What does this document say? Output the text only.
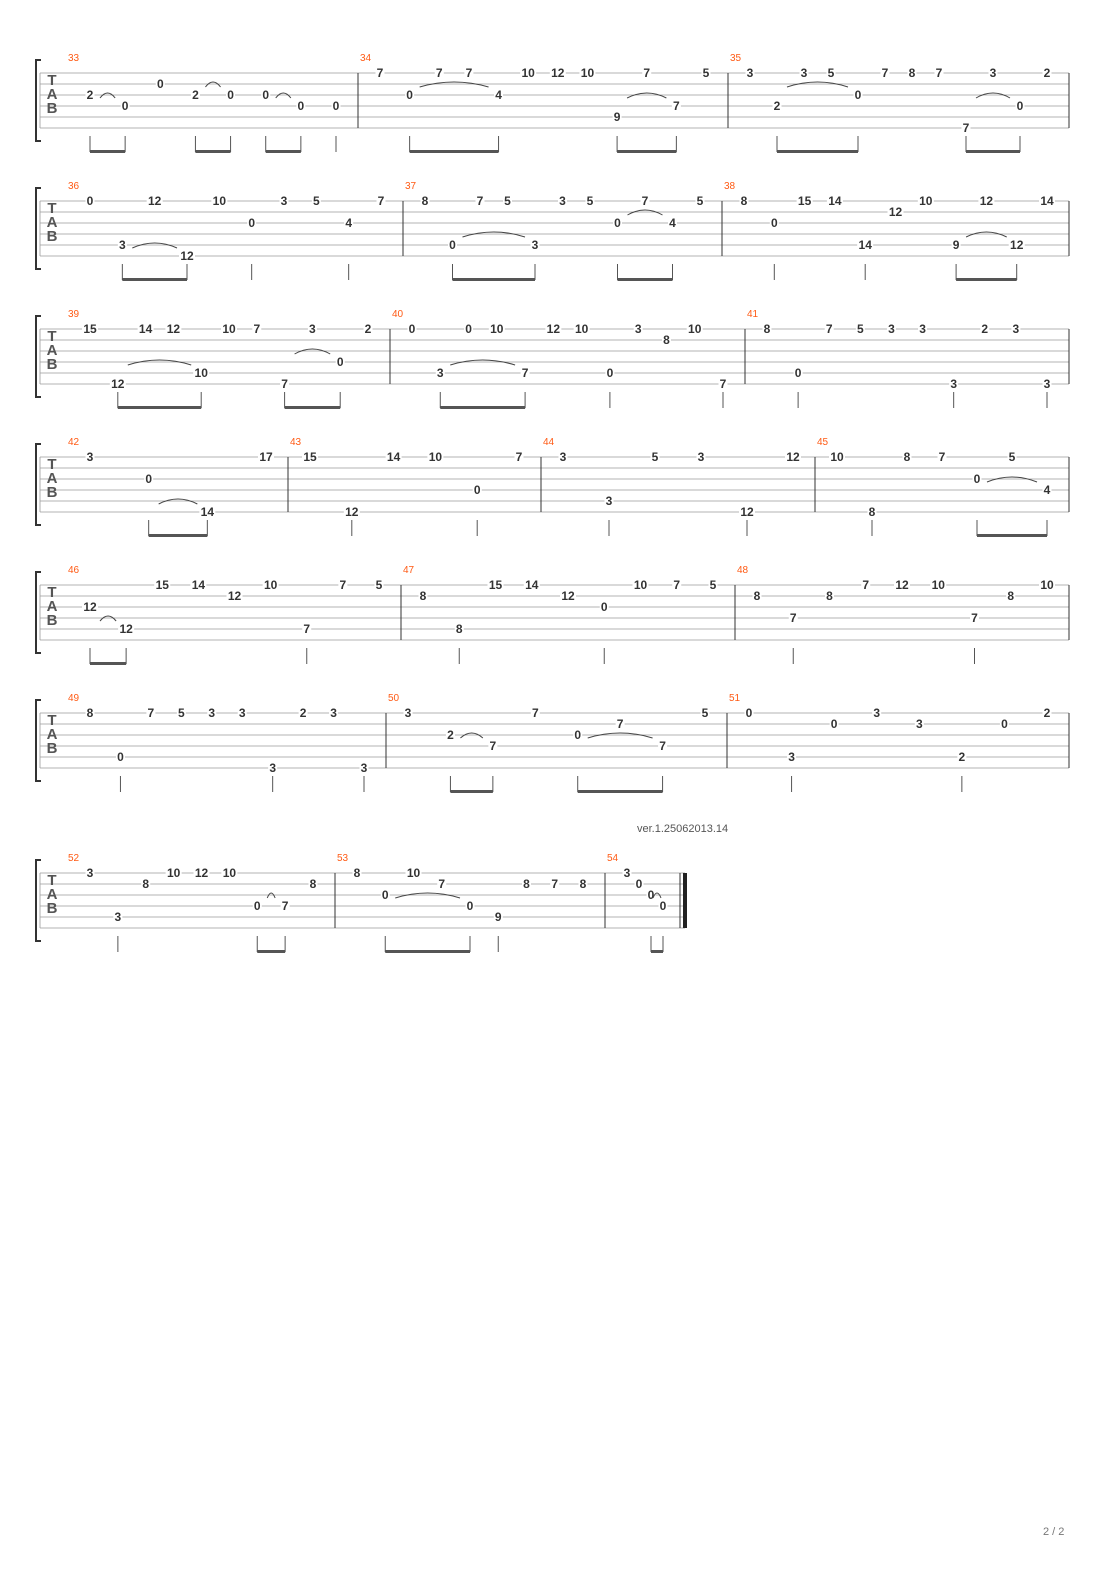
T
A
B
33
2
0
0
2 0 0
0 0
34
7
0
7 7
4
10 12 10
9
7
7
5
35
3
2
3 5
0
7 8 7
7
3
0
2
T
A
B
36
0
3
12
12
10
0
3 5
4
7
37
8
0
7 5
3
3 5
0
7
4
5
38
8
0
15 14
14
12
10
9
12
12
14
T
A
B
39
15
12
14 12
10
10 7
7
3
0
2
40
0
3
0 10
7
12 10
0
3
8
10
7
41
8
0
7 5 3 3
3
2 3
3
T
A
B
42
3
0
14
17
43
15
12
14 10
0
7
44
3
3
5	3
12
12
45
10
8
8 7
0
5
4
T
A
B
46
12
12
15 14
12
10
7
7 5
47
8
8
15 14
12
0
10 7 5
48
8
7
8
7 12 10
7
8
10
T
A
B
49
8
0
7 5 3 3
3
2 3
3
50
3
2
7
7
0
7
7
5
51
0
3
0
3
3
2
0
2
T
A
B
52
3
3
8
10 12 10
0 7
8
53
8
0
10
7
0
9
8 7 8
54
3
0
0
0
ver.1.25062013.14
2 / 2
